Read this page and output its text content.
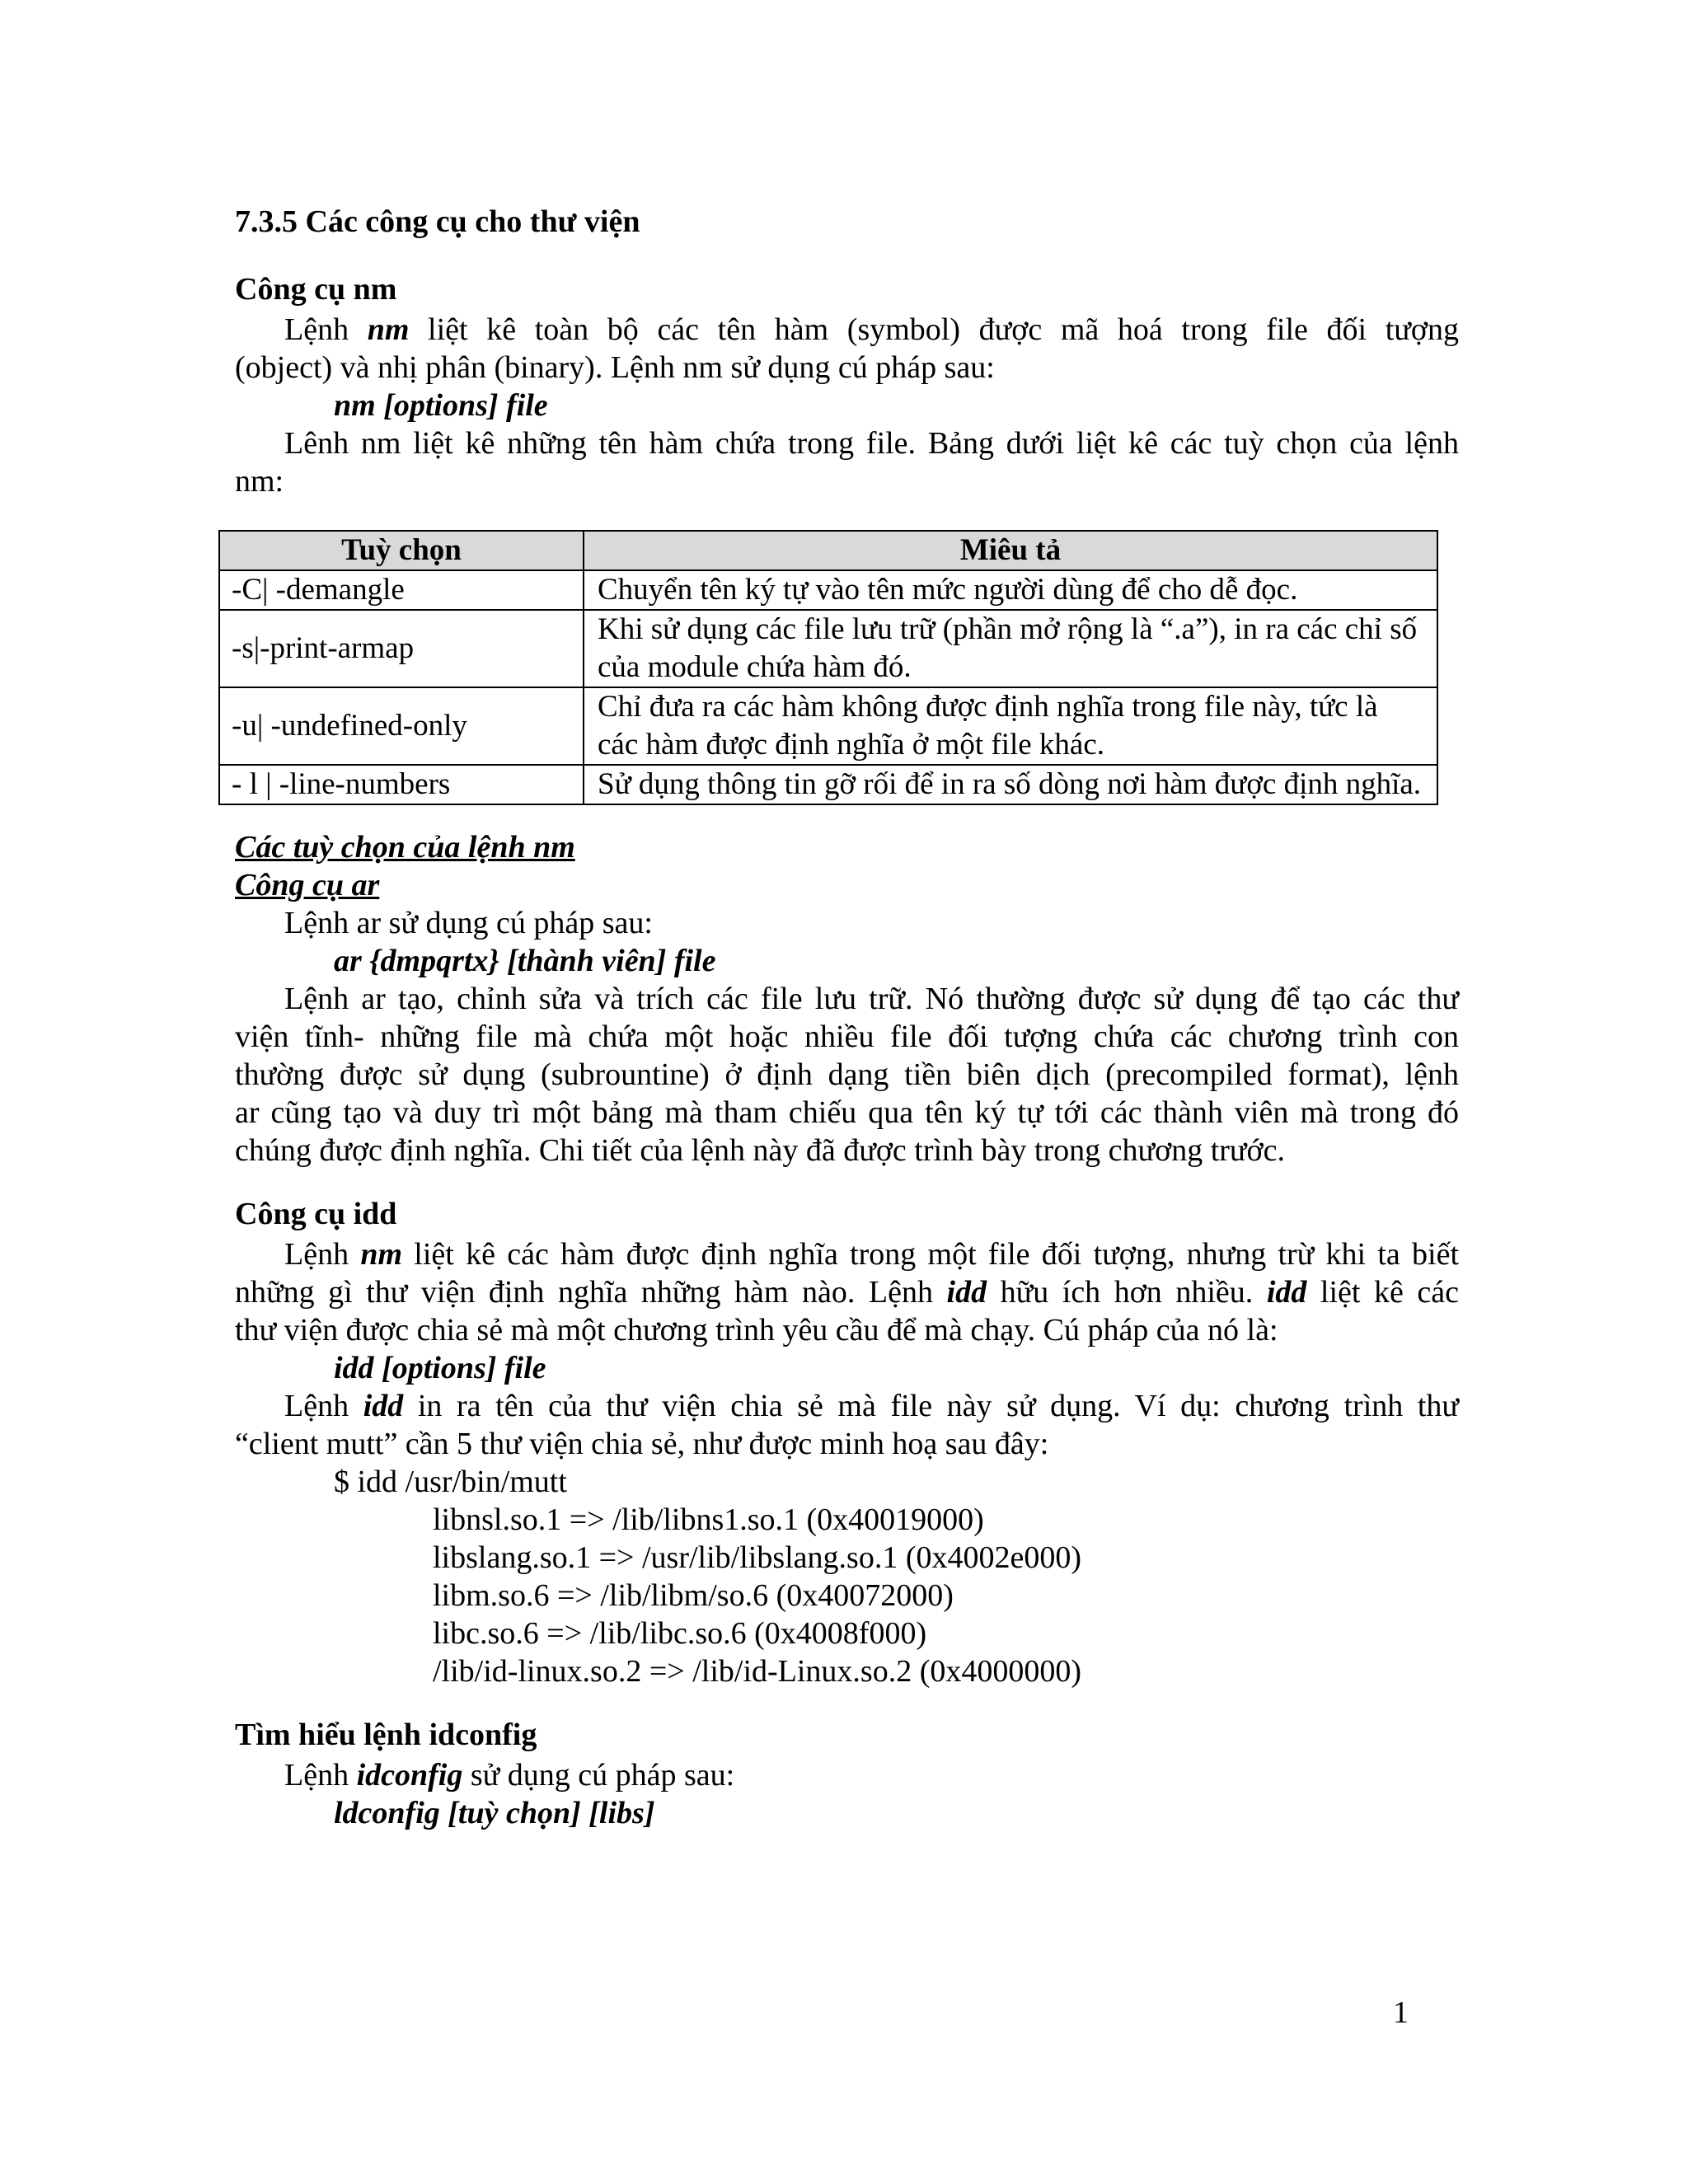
7.3.5 Các công cụ cho thư viện
Công cụ nm
Lệnh nm liệt kê toàn bộ các tên hàm (symbol) được mã hoá trong file đối tượng
(object) và nhị phân (binary). Lệnh nm sử dụng cú pháp sau:
nm [options] file
Lênh nm liệt kê những tên hàm chứa trong file. Bảng dưới liệt kê các tuỳ chọn của lệnh
nm:
Tuỳ chọn	Miêu tả
-C| -demangle	Chuyển tên ký tự vào tên mức người dùng để cho dễ đọc.
-s|-print-armap	Khi sử dụng các file lưu trữ (phần mở rộng là “.a”), in ra các chỉ số của module chứa hàm đó.
-u| -undefined-only	Chỉ đưa ra các hàm không được định nghĩa trong file này, tức là các hàm được định nghĩa ở một file khác.
- l | -line-numbers	Sử dụng thông tin gỡ rối để in ra số dòng nơi hàm được định nghĩa.
Các tuỳ chọn của lệnh nm
Công cụ ar
Lệnh ar sử dụng cú pháp sau:
ar {dmpqrtx} [thành viên] file
Lệnh ar tạo, chỉnh sửa và trích các file lưu trữ. Nó thường được sử dụng để tạo các thư
viện tĩnh- những file mà chứa một hoặc nhiều file đối tượng chứa các chương trình con
thường được sử dụng (subrountine) ở định dạng tiền biên dịch (precompiled format), lệnh
ar cũng tạo và duy trì một bảng mà tham chiếu qua tên ký tự tới các thành viên mà trong đó
chúng được định nghĩa. Chi tiết của lệnh này đã được trình bày trong chương trước.
Công cụ idd
Lệnh nm liệt kê các hàm được định nghĩa trong một file đối tượng, nhưng trừ khi ta biết
những gì thư viện định nghĩa những hàm nào. Lệnh idd hữu ích hơn nhiều. idd liệt kê các
thư viện được chia sẻ mà một chương trình yêu cầu để mà chạy. Cú pháp của nó là:
idd [options] file
Lệnh idd in ra tên của thư viện chia sẻ mà file này sử dụng. Ví dụ: chương trình thư
“client mutt” cần 5 thư viện chia sẻ, như được minh hoạ sau đây:
$ idd /usr/bin/mutt
libnsl.so.1 => /lib/libns1.so.1 (0x40019000)
libslang.so.1 => /usr/lib/libslang.so.1 (0x4002e000)
libm.so.6 => /lib/libm/so.6 (0x40072000)
libc.so.6 => /lib/libc.so.6 (0x4008f000)
/lib/id-linux.so.2 => /lib/id-Linux.so.2 (0x4000000)
Tìm hiểu lệnh idconfig
Lệnh idconfig sử dụng cú pháp sau:
ldconfig [tuỳ chọn] [libs]
1
